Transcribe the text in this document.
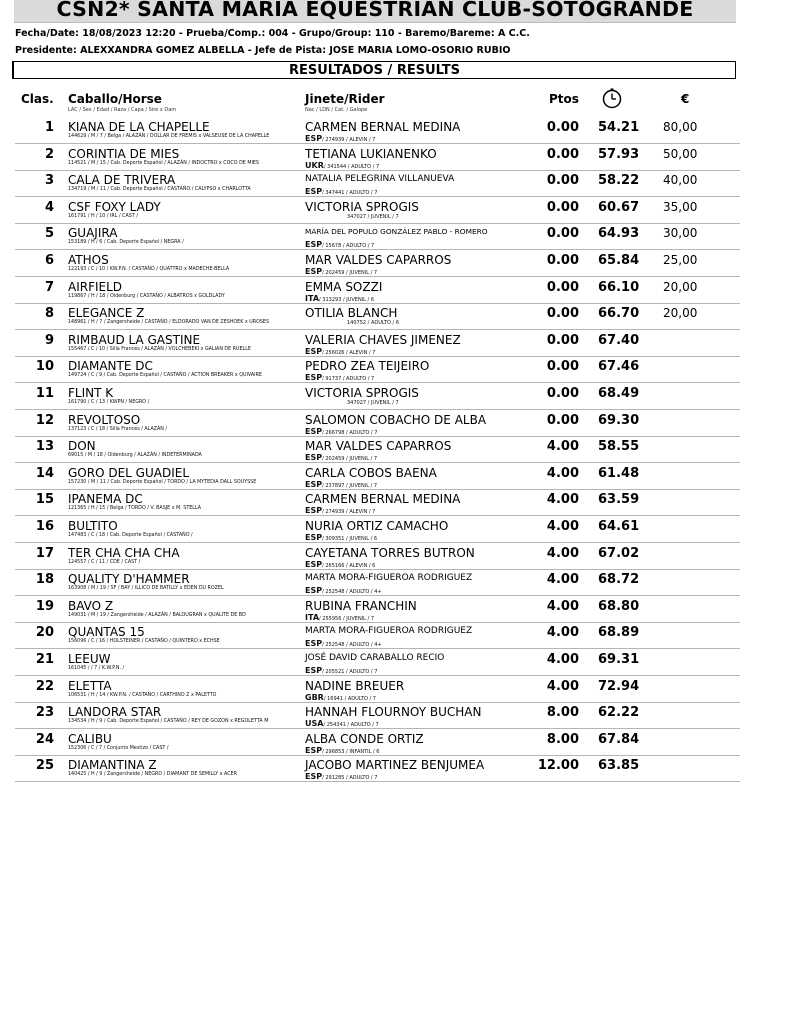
CSN2* SANTA MARIA EQUESTRIAN CLUB-SOTOGRANDE
Fecha/Date: 18/08/2023 12:20 - Prueba/Comp.: 004 - Grupo/Group: 110 - Baremo/Bareme: A C.C.
Presidente: ALEXXANDRA GOMEZ ALBELLA - Jefe de Pista: JOSE MARIA LOMO-OSORIO RUBIO
RESULTADOS / RESULTS
Clas. Caballo/Horse
LAC / Sex / Edad / Raza / Capa / Sire x Dam
Jinete/Rider
Nac / LDN / Cat. / Galope
Ptos	€
1 KIANA DE LA CHAPELLE
144629 / M / 7 / Belga / ALAZÁN / DOLLAR DE FREMIS x VALSEUSE DE LA CHAPELLE
CARMEN BERNAL MEDINA
ESP/ 274939 / ALEVIN / 7
0.00 54.21 80,00
2 CORINTIA DE MIES
114521 / M / 15 / Cab. Deporte Español / ALAZÁN / INDOCTRO x COCO DE MIES
TETIANA LUKIANENKO
UKR/ 341544 / ADULTO / 7
0.00 57.93 50,00
3 CALA DE TRIVERA
134719 / M / 11 / Cab. Deporte Español / CASTAÑO / CALYPSO x CHARLOTTA
NATALIA PELEGRINA VILLANUEVA
ESP/ 347441 / ADULTO / 7
0.00 58.22 40,00
4 CSF FOXY LADY
161791 / H / 10 / IRL / CAST /
VICTORIA SPROGIS
347027 / JUVENIL / 7
0.00 60.67 35,00
5 GUAJIRA
153189 / H / 6 / Cab. Deporte Español / NEGRA /
MARÍA DEL POPULO GONZÁLEZ PABLO - ROMERO
ESP/ 15678 / ADULTO / 7
0.00 64.93 30,00
6 ATHOS
122193 / C / 10 / KW.P.N. / CASTAÑO / QUATTRO x MADECHE-BELLA
MAR VALDES CAPARROS
ESP/ 202459 / JUVENIL / 7
0.00 65.84 25,00
7 AIRFIELD
119867 / H / 18 / Oldenburg / CASTAÑO / ALBATROS x GOLDLADY
EMMA SOZZI
ITA/ 313293 / JUVENIL / 6
0.00 66.10 20,00
8 ELEGANCE Z
148961 / H / 7 / Zangersheide / CASTAÑO / ELDORADO VAN DE ZESHOEK x UROSES
OTILIA BLANCH
140752 / ADULTO / 6
0.00 66.70 20,00
9 RIMBAUD LA GASTINE
155467 / C / 10 / Silla Francés / ALAZÁN / VOLCHEBEKI x GALIAN DE RUELLE
VALERIA CHAVES JIMENEZ
ESP/ 256026 / ALEVIN / 7
0.00 67.40
10 DIAMANTE DC
149724 / C / 9 / Cab. Deporte Español / CASTAÑO / ACTION BREAKER x QUIVAIRE
PEDRO ZEA TEIJEIRO
ESP/ 91737 / ADULTO / 7
0.00 67.46
11 FLINT K
161790 / C / 13 / KWPN / NEGRO /
VICTORIA SPROGIS
347027 / JUVENIL / 7
0.00 68.49
12 REVOLTOSO
137123 / C / 18 / Silla Francés / ALAZÁN /
SALOMON COBACHO DE ALBA
ESP/ 266798 / ADULTO / 7
0.00 69.30
13 DON
69015 / M / 18 / Oldenburg / ALAZÁN / INDETERMINADA
MAR VALDES CAPARROS
ESP/ 202459 / JUVENIL / 7
4.00 58.55
14 GORO DEL GUADIEL
157230 / M / 11 / Cab. Deporte Español / TORDO / LA MYTEDIA DALL SOUYSSE
CARLA COBOS BAENA
ESP/ 237897 / JUVENIL / 7
4.00 61.48
15 IPANEMA DC
121365 / H / 15 / Belga / TORDO / V. BASJE x M. STELLA
CARMEN BERNAL MEDINA
ESP/ 274939 / ALEVIN / 7
4.00 63.59
16 BULTITO
147483 / C / 18 / Cab. Deporte Español / CASTAÑO /
NURIA ORTIZ CAMACHO
ESP/ 309351 / JUVENIL / 6
4.00 64.61
17 TER CHA CHA CHA
124557 / C / 11 / CDE / CAST /
CAYETANA TORRES BUTRON
ESP/ 265166 / ALEVIN / 6
4.00 67.02
18 QUALITY D'HAMMER
163908 / M / 19 / SF / BAY / ILLICO DE BATILLY x EDEN DU ROZEL
MARTA MORA-FIGUEROA RODRIGUEZ
ESP/ 252548 / ADULTO / 4+
4.00 68.72
19 BAVO Z
149031 / M / 19 / Zangersheide / ALAZÁN / BALOUGRAN x QUALITE DE BD
RUBINA FRANCHIN
ITA/ 255956 / JUVENIL / 7
4.00 68.80
20 QUANTAS 15
156096 / C / 16 / HOLSTEINER / CASTAÑO / QUINTERO x ECHSE
MARTA MORA-FIGUEROA RODRIGUEZ
ESP/ 252548 / ADULTO / 4+
4.00 68.89
21 LEEUW
161045 / / 7 / K.W.P.N. /
JOSÉ DAVID CARABALLO RECIO
ESP/ 205521 / ADULTO / 7
4.00 69.31
22 ELETTA
106531 / H / 14 / KW.P.N. / CASTAÑO / CARTHINO Z x PALETTO
NADINE BREUER
GBR/ 16941 / ADULTO / 7
4.00 72.94
23 LANDORA STAR
134534 / H / 9 / Cab. Deporte Español / CASTAÑO / REY DE GOZON x REGOLETTA M
HANNAH FLOURNOY BUCHAN
USA/ 254341 / ADULTO / 7
8.00 62.22
24 CALIBU
152306 / C / 7 / Conjunto Mestizo / CAST /
ALBA CONDE ORTIZ
ESP/ 296853 / INFANTIL / 6
8.00 67.84
25 DIAMANTINA Z
140425 / H / 9 / Zangersheide / NEGRO / DIAMANT DE SEMILLY x ACER
JACOBO MARTINEZ BENJUMEA
ESP/ 291285 / ADULTO / 7
12.00 63.85
